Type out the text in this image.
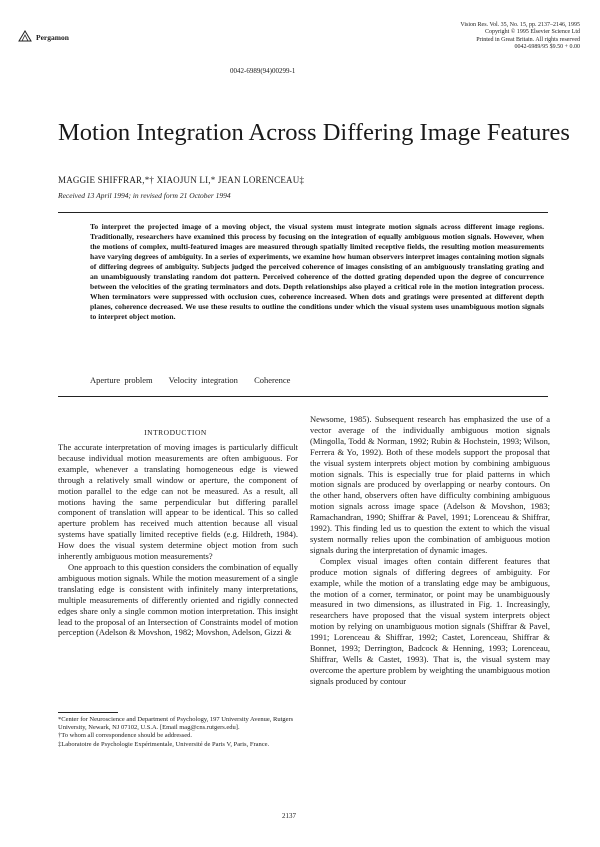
Pergamon
0042-6989(94)00299-1
Vision Res. Vol. 35, No. 15, pp. 2137–2146, 1995
Copyright © 1995 Elsevier Science Ltd
Printed in Great Britain. All rights reserved
0042-6989/95 $9.50 + 0.00
Motion Integration Across Differing Image Features
MAGGIE SHIFFRAR,*† XIAOJUN LI,* JEAN LORENCEAU‡
Received 13 April 1994; in revised form 21 October 1994
To interpret the projected image of a moving object, the visual system must integrate motion signals across different image regions. Traditionally, researchers have examined this process by focusing on the integration of equally ambiguous motion signals. However, when the motions of complex, multi-featured images are measured through spatially limited receptive fields, the resulting motion measurements have varying degrees of ambiguity. In a series of experiments, we examine how human observers interpret images containing motion signals of differing degrees of ambiguity. Subjects judged the perceived coherence of images consisting of an ambiguously translating grating and an unambiguously translating random dot pattern. Perceived coherence of the dotted grating depended upon the degree of concurrence between the velocities of the grating terminators and dots. Depth relationships also played a critical role in the motion integration process. When terminators were suppressed with occlusion cues, coherence increased. When dots and gratings were presented at different depth planes, coherence decreased. We use these results to outline the conditions under which the visual system uses unambiguous motion signals to interpret object motion.
Aperture problem Velocity integration Coherence
INTRODUCTION

The accurate interpretation of moving images is particularly difficult because individual motion measurements are often ambiguous. For example, whenever a translating homogeneous edge is viewed through a relatively small window or aperture, the component of motion parallel to the edge can not be measured. As a result, all motions having the same perpendicular but differing parallel component of translation will appear to be identical. This so called aperture problem has received much attention because all visual systems have spatially limited receptive fields (e.g. Hildreth, 1984). How does the visual system determine object motion from such inherently ambiguous motion measurements?

One approach to this question considers the combination of equally ambiguous motion signals. While the motion measurement of a single translating edge is consistent with infinitely many interpretations, multiple measurements of differently oriented and rigidly connected edges share only a single common motion interpretation. This insight lead to the proposal of an Intersection of Constraints model of motion perception (Adelson & Movshon, 1982; Movshon, Adelson, Gizzi &

*Center for Neuroscience and Department of Psychology, 197 University Avenue, Rutgers University, Newark, NJ 07102, U.S.A. [Email mag@cns.rutgers.edu].

†To whom all correspondence should be addressed.

‡Laboratoire de Psychologie Expérimentale, Université de Paris V, Paris, France.

Newsome, 1985). Subsequent research has emphasized the use of a vector average of the individually ambiguous motion signals (Mingolla, Todd & Norman, 1992; Rubin & Hochstein, 1993; Wilson, Ferrera & Yo, 1992). Both of these models support the proposal that the visual system interprets object motion by combining ambiguous motion signals. This is especially true for plaid patterns in which motion signals are produced by overlapping or nearby contours. On the other hand, observers often have difficulty combining ambiguous motion signals across image space (Adelson & Movshon, 1983; Ramachandran, 1990; Shiffrar & Pavel, 1991; Lorenceau & Shiffrar, 1992). This finding led us to question the extent to which the visual system normally relies upon the combination of ambiguous motion signals during the interpretation of dynamic images.

Complex visual images often contain different features that produce motion signals of differing degrees of ambiguity. For example, while the motion of a translating edge may be ambiguous, the motion of a corner, terminator, or point may be unambiguously measured in two dimensions, as illustrated in Fig. 1. Increasingly, researchers have proposed that the visual system interprets object motion by relying on unambiguous motion signals (Shiffrar & Pavel, 1991; Lorenceau & Shiffrar, 1992; Castet, Lorenceau, Shiffrar & Bonnet, 1993; Derrington, Badcock & Henning, 1993; Lorenceau, Shiffrar, Wells & Castet, 1993). That is, the visual system may overcome the aperture problem by weighting the unambiguous motion signals produced by contour

2137
